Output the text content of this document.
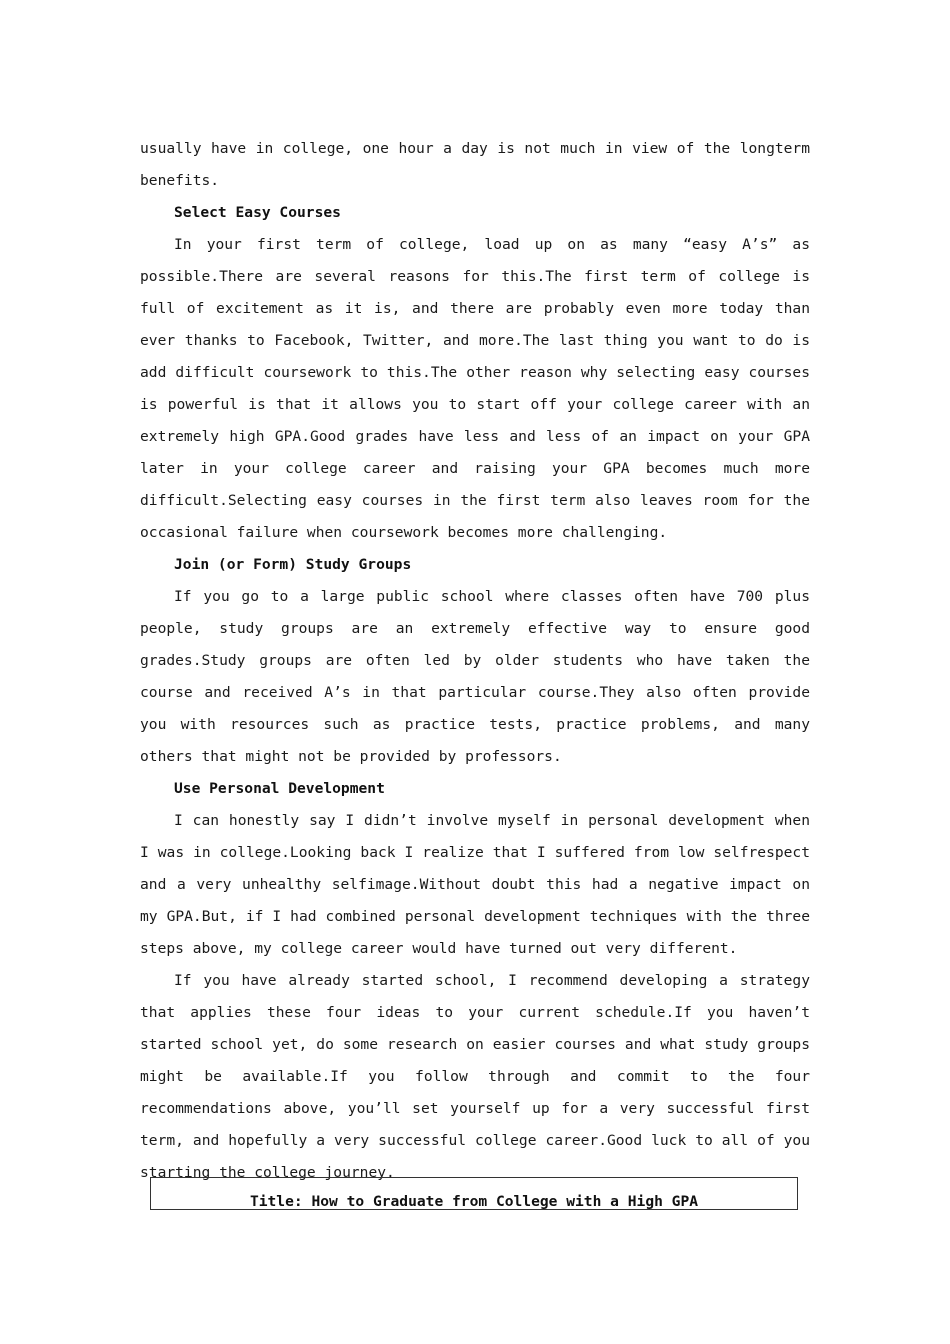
usually have in college, one hour a day is not much in view of the longterm benefits.

Select Easy Courses

In your first term of college, load up on as many “easy A’s” as possible.There are several reasons for this.The first term of college is full of excitement as it is, and there are probably even more today than ever thanks to Facebook, Twitter, and more.The last thing you want to do is add difficult coursework to this.The other reason why selecting easy courses is powerful is that it allows you to start off your college career with an extremely high GPA.Good grades have less and less of an impact on your GPA later in your college career and raising your GPA becomes much more difficult.Selecting easy courses in the first term also leaves room for the occasional failure when coursework becomes more challenging.

Join (or Form) Study Groups

If you go to a large public school where classes often have 700 plus people, study groups are an extremely effective way to ensure good grades.Study groups are often led by older students who have taken the course and received A’s in that particular course.They also often provide you with resources such as practice tests, practice problems, and many others that might not be provided by professors.

Use Personal Development

I can honestly say I didn’t involve myself in personal development when I was in college.Looking back I realize that I suffered from low selfrespect and a very unhealthy selfimage.Without doubt this had a negative impact on my GPA.But, if I had combined personal development techniques with the three steps above, my college career would have turned out very different.

If you have already started school, I recommend developing a strategy that applies these four ideas to your current schedule.If you haven’t started school yet, do some research on easier courses and what study groups might be available.If you follow through and commit to the four recommendations above, you’ll set yourself up for a very successful first term, and hopefully a very successful college career.Good luck to all of you starting the college journey.

Title: How to Graduate from College with a High GPA
